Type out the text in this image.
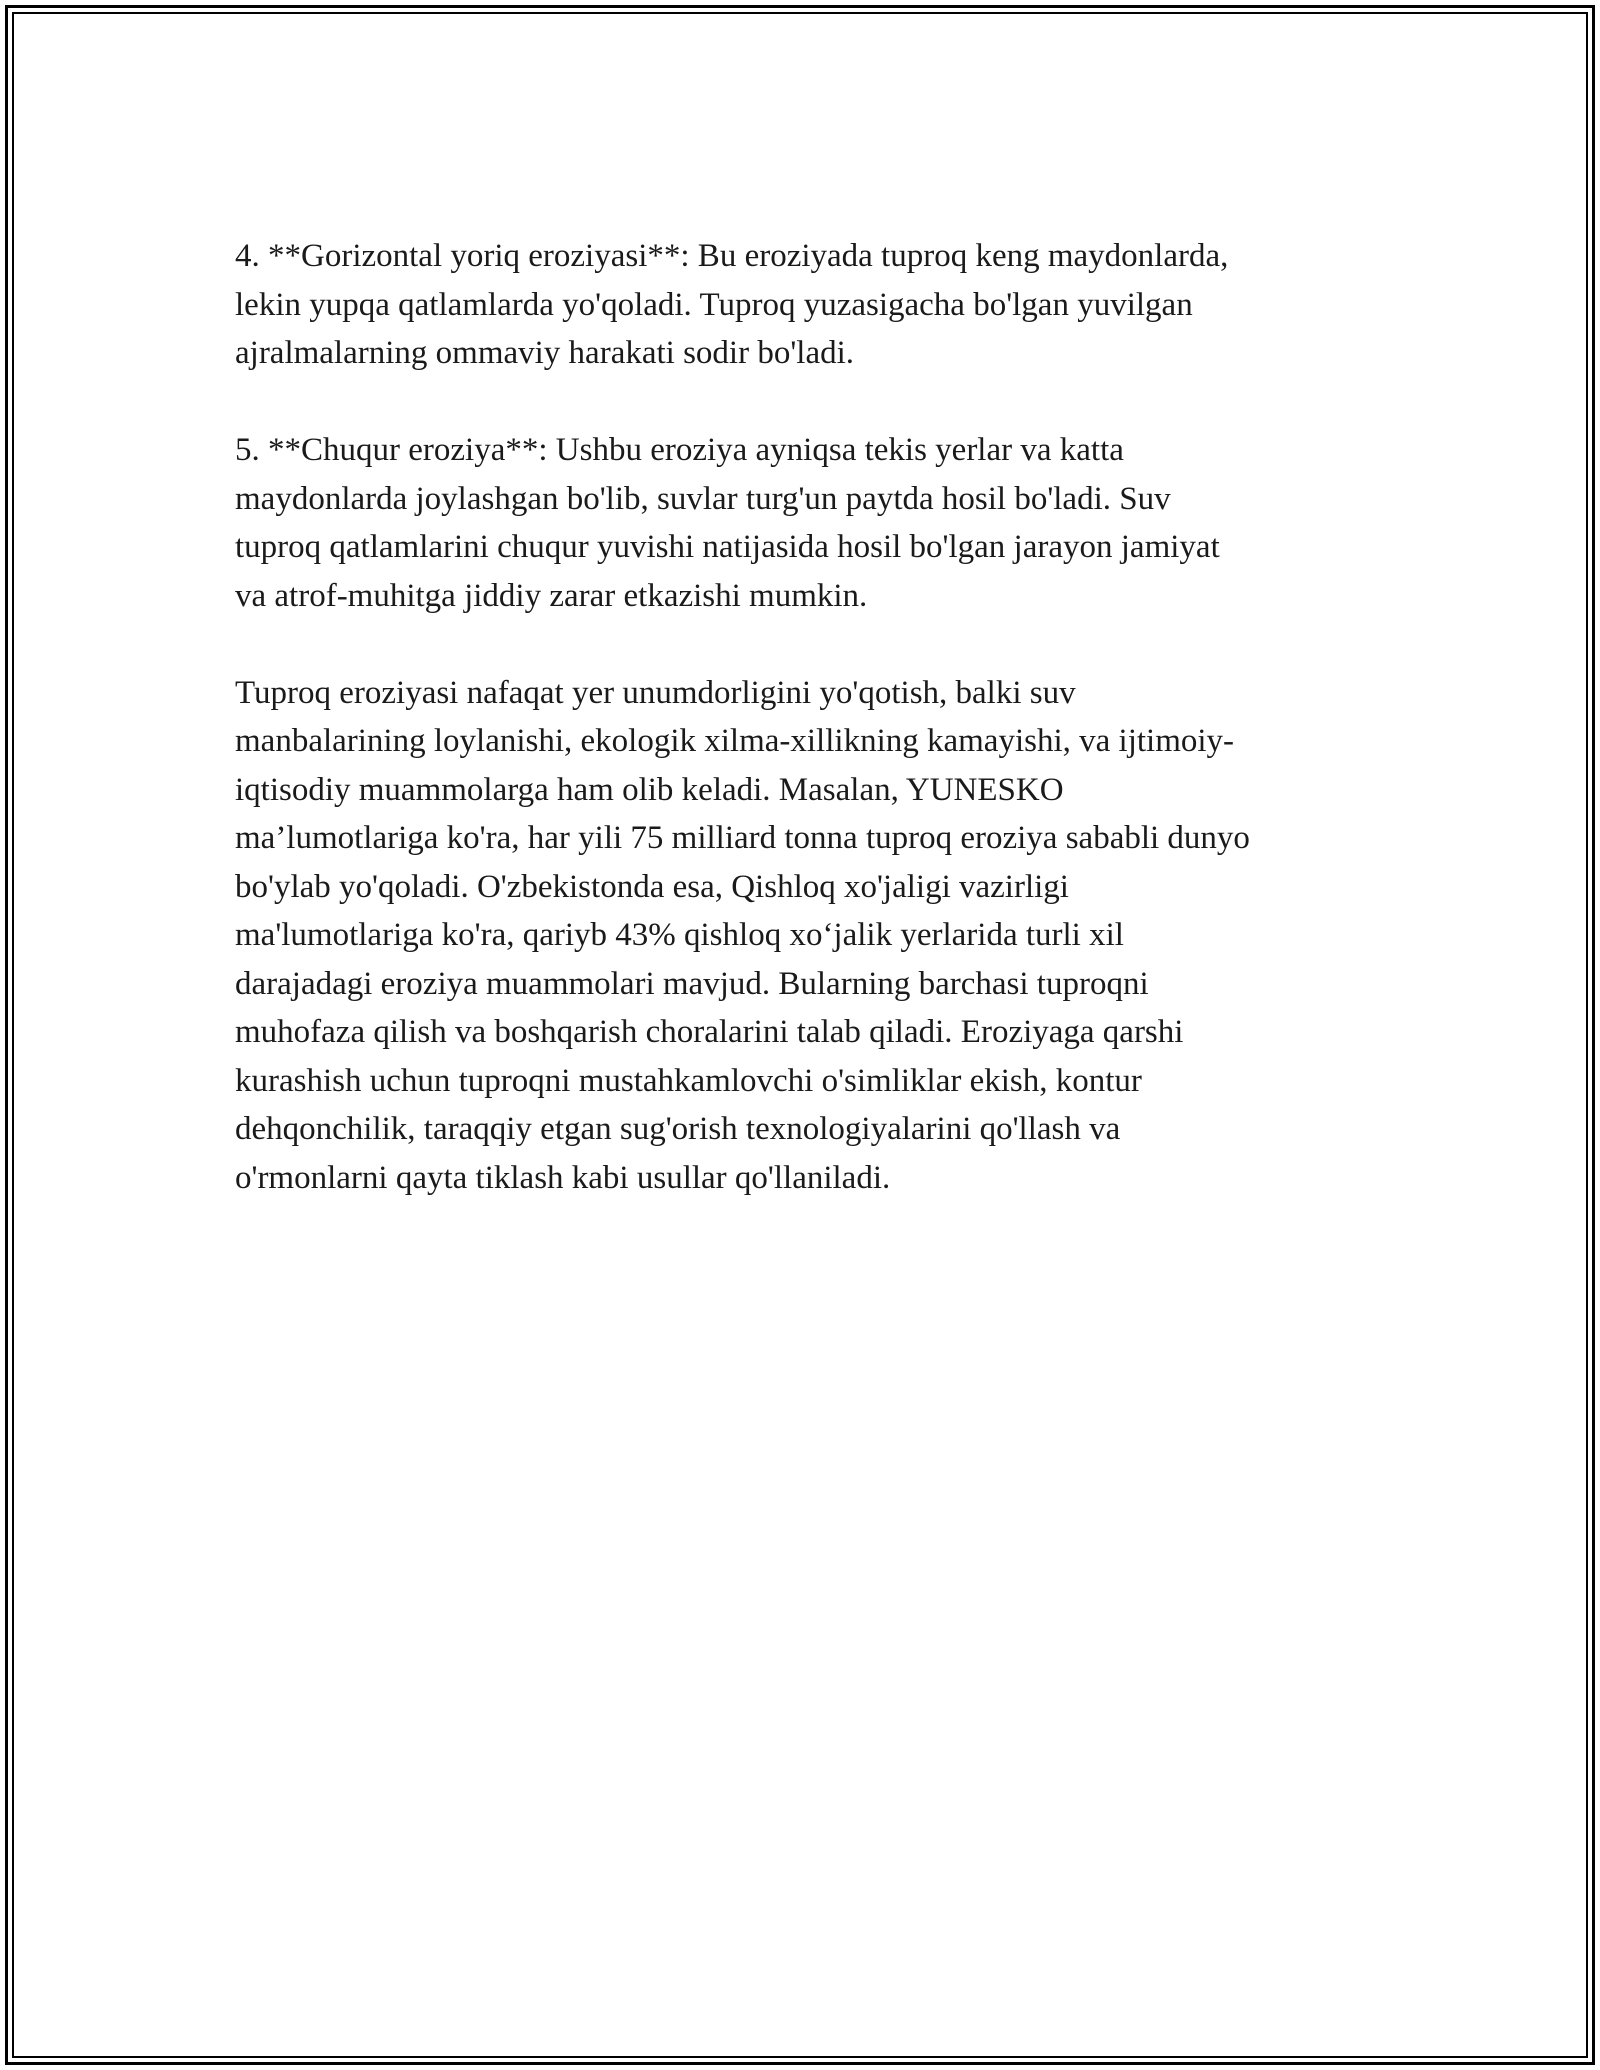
4. **Gorizontal yoriq eroziyasi**: Bu eroziyada tuproq keng maydonlarda,
lekin yupqa qatlamlarda yo'qoladi. Tuproq yuzasigacha bo'lgan yuvilgan
ajralmalarning ommaviy harakati sodir bo'ladi.

5. **Chuqur eroziya**: Ushbu eroziya ayniqsa tekis yerlar va katta
maydonlarda joylashgan bo'lib, suvlar turg'un paytda hosil bo'ladi. Suv
tuproq qatlamlarini chuqur yuvishi natijasida hosil bo'lgan jarayon jamiyat
va atrof-muhitga jiddiy zarar etkazishi mumkin.

Tuproq eroziyasi nafaqat yer unumdorligini yo'qotish, balki suv
manbalarining loylanishi, ekologik xilma-xillikning kamayishi, va ijtimoiy-
iqtisodiy muammolarga ham olib keladi. Masalan, YUNESKO
ma’lumotlariga ko'ra, har yili 75 milliard tonna tuproq eroziya sababli dunyo
bo'ylab yo'qoladi. O'zbekistonda esa, Qishloq xo'jaligi vazirligi
ma'lumotlariga ko'ra, qariyb 43% qishloq xo‘jalik yerlarida turli xil
darajadagi eroziya muammolari mavjud. Bularning barchasi tuproqni
muhofaza qilish va boshqarish choralarini talab qiladi. Eroziyaga qarshi
kurashish uchun tuproqni mustahkamlovchi o'simliklar ekish, kontur
dehqonchilik, taraqqiy etgan sug'orish texnologiyalarini qo'llash va
o'rmonlarni qayta tiklash kabi usullar qo'llaniladi.
